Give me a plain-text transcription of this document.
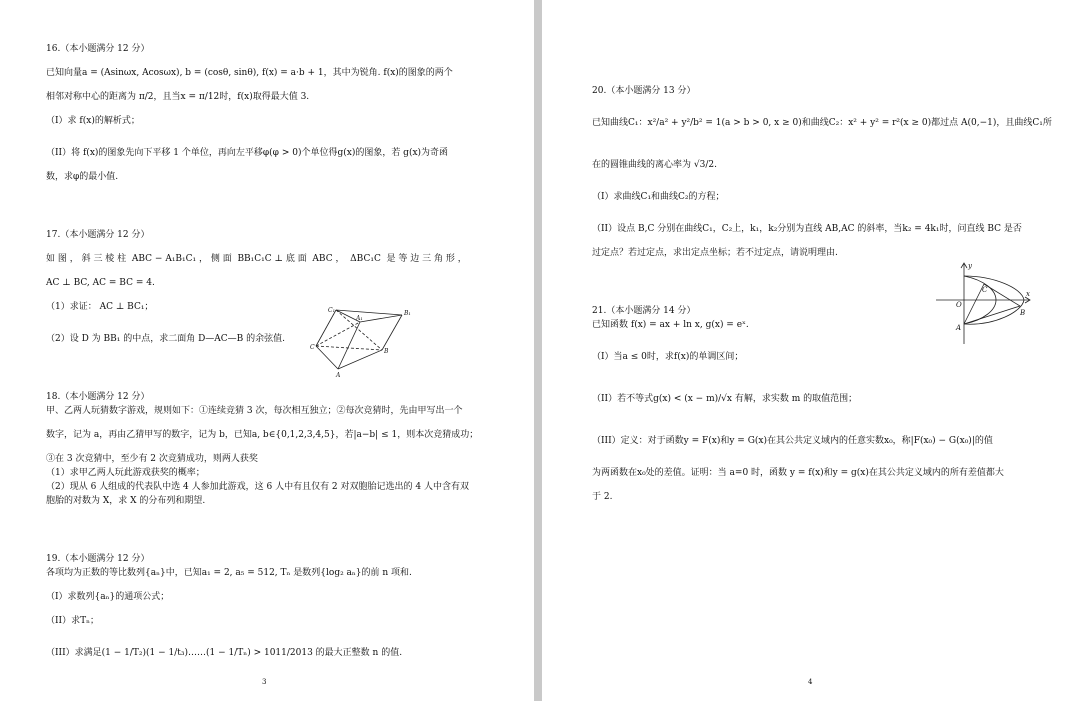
16.（本小题满分 12 分）

已知向量a = (Asinωx, Acosωx), b = (cosθ, sinθ), f(x) = a·b + 1，其中为锐角. f(x)的图象的两个

相邻对称中心的距离为 π/2，且当x = π/12时，f(x)取得最大值 3.

（I）求 f(x)的解析式；

（II）将 f(x)的图象先向下平移 1 个单位，再向左平移φ(φ > 0)个单位得g(x)的图象，若 g(x)为奇函

数，求φ的最小值.

17.（本小题满分 12 分）

如 图 ， 斜 三 棱 柱  ABC − A₁B₁C₁ ， 侧 面  BB₁C₁C ⊥ 底 面  ABC ，  ΔBC₁C  是 等 边 三 角 形 ，

AC ⊥ BC, AC = BC = 4.

（1）求证： AC ⊥ BC₁；

（2）设 D 为 BB₁ 的中点，求二面角 D—AC—B 的余弦值.

18.（本小题满分 12 分）

甲、乙两人玩猜数字游戏，规则如下：①连续竞猜 3 次，每次相互独立；②每次竞猜时，先由甲写出一个

数字，记为 a，再由乙猜甲写的数字，记为 b，已知a, b∈{0,1,2,3,4,5}，若|a−b| ≤ 1，则本次竞猜成功；

③在 3 次竞猜中，至少有 2 次竞猜成功，则两人获奖

（1）求甲乙两人玩此游戏获奖的概率；

（2）现从 6 人组成的代表队中选 4 人参加此游戏，这 6 人中有且仅有 2 对双胞胎记选出的 4 人中含有双

胞胎的对数为 X，求 X 的分布列和期望.

19.（本小题满分 12 分）

各项均为正数的等比数列{aₙ}中，已知a₁ = 2, a₅ = 512, Tₙ 是数列{log₂ aₙ}的前 n 项和.

（I）求数列{aₙ}的通项公式；

（II）求Tₙ；

（III）求满足(1 − 1/T₂)(1 − 1/t₃)……(1 − 1/Tₙ) > 1011/2013 的最大正整数 n 的值.

C₁
A₁
B₁
C
B
A

3

20.（本小题满分 13 分）

已知曲线C₁：x²/a² + y²/b² = 1(a > b > 0, x ≥ 0)和曲线C₂：x² + y² = r²(x ≥ 0)都过点 A(0,−1)，且曲线C₁所

在的圆锥曲线的离心率为 √3/2.

（I）求曲线C₁和曲线C₂的方程；

（II）设点 B,C 分别在曲线C₁，C₂上，k₁，k₂分别为直线 AB,AC 的斜率，当k₂ = 4k₁时，问直线 BC 是否

过定点？若过定点，求出定点坐标；若不过定点，请说明理由.

21.（本小题满分 14 分）

已知函数 f(x) = ax + ln x, g(x) = eˣ.

（I）当a ≤ 0时，求f(x)的单调区间；

（II）若不等式g(x) < (x − m)/√x 有解，求实数 m 的取值范围；

（III）定义：对于函数y = F(x)和y = G(x)在其公共定义域内的任意实数x₀，称|F(x₀) − G(x₀)|的值

为两函数在x₀处的差值。证明：当 a=0 时，函数 y = f(x)和y = g(x)在其公共定义域内的所有差值都大

于 2.

y
x
C
O
B
A

4
